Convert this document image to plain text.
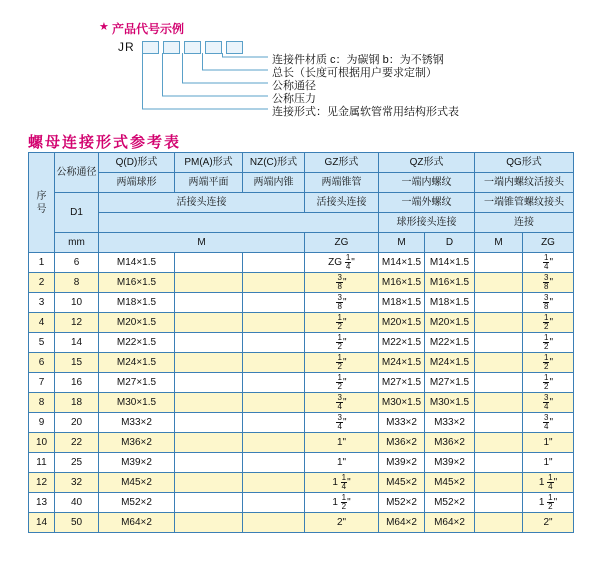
★ 产品代号示例
JR
连接件材质 c：为碳钢 b：为不锈钢
总长（长度可根据用户要求定制）
公称通径
公称压力
连接形式：见金属软管常用结构形式表
螺母连接形式参考表
序号	公称通径	Q(D)形式	PM(A)形式	NZ(C)形式	GZ形式	QZ形式		QG形式	
		两端球形	两端平面	两端内锥	两端锥管	一端内螺纹		一端内螺纹活接头	
	D1	活接头连接			活接头连接	一端外螺纹		一端锥管螺纹接头	
						球形接头连接		连接	
	mm	M			ZG	M	D	M	ZG
1	6	M14×1.5			ZG $\frac{1}{4}$ "	M14×1.5	M14×1.5		$\frac{1}{4}$ "
2	8	M16×1.5			$\frac{3}{8}$ "	M16×1.5	M16×1.5		$\frac{3}{8}$ "
3	10	M18×1.5			$\frac{3}{8}$ "	M18×1.5	M18×1.5		$\frac{3}{8}$ "
4	12	M20×1.5			$\frac{1}{2}$ "	M20×1.5	M20×1.5		$\frac{1}{2}$ "
5	14	M22×1.5			$\frac{1}{2}$ "	M22×1.5	M22×1.5		$\frac{1}{2}$ "
6	15	M24×1.5			$\frac{1}{2}$ "	M24×1.5	M24×1.5		$\frac{1}{2}$ "
7	16	M27×1.5			$\frac{1}{2}$ "	M27×1.5	M27×1.5		$\frac{1}{2}$ "
8	18	M30×1.5			$\frac{3}{4}$ "	M30×1.5	M30×1.5		$\frac{3}{4}$ "
9	20	M33×2			$\frac{3}{4}$ "	M33×2	M33×2		$\frac{3}{4}$ "
10	22	M36×2			1"	M36×2	M36×2		1"
11	25	M39×2			1"	M39×2	M39×2		1"
12	32	M45×2			$1 \frac{1}{4}$ "	M45×2	M45×2		$1 \frac{1}{4}$ "
13	40	M52×2			$1 \frac{1}{2}$ "	M52×2	M52×2		$1 \frac{1}{2}$ "
14	50	M64×2			2"	M64×2	M64×2		2"
